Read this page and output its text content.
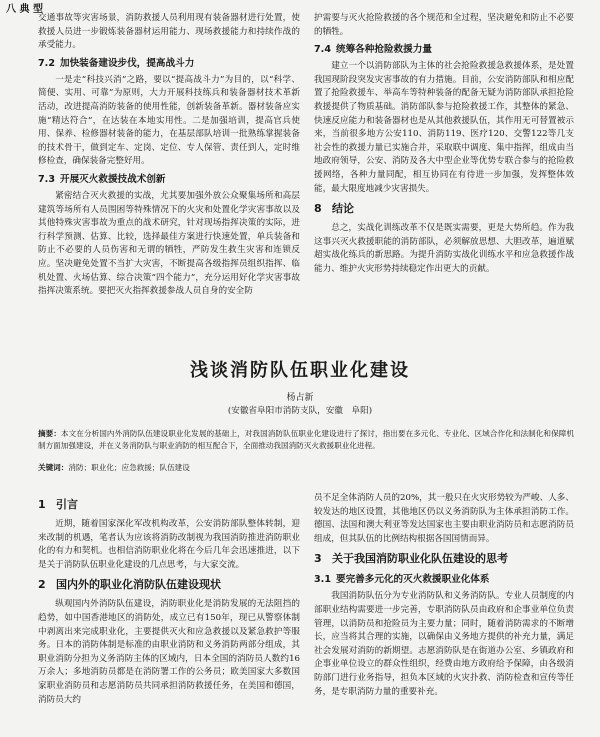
八 典 型

交通事故等灾害场景，消防救援人员利用现有装备器材进行处置，使救援人员进一步锻炼装备器材运用能力、现场救援能力和持续作战的承受能力。

7.2 加快装备建设步伐，提高战斗力

一是走“科技兴消”之路，要以“提高战斗力”为目的，以“科学、简便、实用、可靠”为原则，大力开展科技练兵和装备器材技术革新活动，改进提高消防装备的使用性能，创新装备革新。器材装备应实施“精达符合”，在达装在本地实用性。二是加强培训，提高官兵使用、保养、检修器材装备的能力，在基层部队培训一批熟练掌握装备的技术骨干，做到定车、定岗、定位、专人保管、责任到人，定时维修检查，确保装备完整好用。

7.3 开展灭火救援技战术创新

紧密结合灭火救援的实战，尤其要加强外放公众聚集场所和高层建筑等场所有人员围困等特殊情况下的火灾和处置化学灾害事故以及其他特殊灾害事故为重点的战术研究，针对现场指挥决策的实际，进行科学预测、估算、比较，选择最佳方案进行快速处置，单兵装备和防止不必要的人员伤害和无谓的牺牲，严防发生救生灾害和连锁反应。坚决避免处置不当扩大灾害，不断提高各级指挥员组织指挥、临机处置、火场估算、综合决策“四个能力”，充分运用好化学灾害事故指挥决策系统。要把灭火指挥救援参战人员自身的安全防

护需要与灭火抢险救援的各个规范和全过程，坚决避免和防止不必要的牺牲。

7.4 统筹各种抢险救援力量

建立一个以消防部队为主体的社会抢险救援急救援体系，是处置我国现阶段突发灾害事故的有力措施。目前，公安消防部队和相应配置了抢险救援车、举高车等特种装备的配备无疑为消防部队承担抢险救援提供了物质基础。消防部队参与抢险救援工作，其整体的紧急、快速反应能力和装备器材也是从其他救援队伍，其作用无可替置被示来，当前很多地方公安110、消防119、医疗120、交警122等几支社会性的救援力量已实施合并，采取联中调度、集中指挥，组成由当地政府领导，公安、消防及各大中型企业等优势专联合参与的抢险救援网络，各种力量同配，相互协同在有待进一步加强，发挥整体效能，最大限度地减少灾害损失。

8 结论

总之，实战化训练改革不仅是既实需要，更是大势所趋。作为我这事兴灭火救援职能的消防部队，必须解放思想、大胆改革，遍道赋超实战化练兵的新思路。为提升消防实战化训练水平和应急救援作战能力、维护火灾形势持续稳定作出更大的贡献。

浅谈消防队伍职业化建设
杨占新
(安徽省阜阳市消防支队，安徽　阜阳)
摘要：本文在分析国内外消防队伍建设职业化发展的基础上，对我国消防队伍职业化建设进行了探讨，指出要在多元化、专业化、区域合作化和法制化和保障机制方面加强建设，并在义务消防队与职业消防的相互配合下，全面推动我国消防灭火救援职业化进程。
关键词：消防；职业化；应急救援；队伍建设
1 引言

近期，随着国家深化军改机构改革，公安消防部队整体转制，迎来改制的机遇，笔者认为应该将消防改制视为我国消防推进消防职业化的有力和契机。也相信消防职业化将在今后几年会迅速推进，以下是关于消防队伍职业化建设的几点思考，与大家交流。

2 国内外的职业化消防队伍建设现状

纵观国内外消防队伍建设，消防职业化是消防发展的无法阻挡的趋势，如中国香港地区的消防处，成立已有150年，现已从警察体制中剥离出来完成职业化，主要提供灭火和应急救援以及紧急救护等服务。日本的消防体制是标准的由职业消防和义务消防两部分组成，其职业消防分担为义务消防主体的区域内，日本全国的消防员人数约16万余人；多地消防员都是在消防署工作的公务员；欧美国家大多数国家职业消防员和志愿消防员共同承担消防救援任务，在美国和德国，消防员大约

员不足全体消防人员的20%，其一般只在火灾形势较为严峻、人多、较发达的地区设置，其他地区仍以义务消防队为主体承担消防工作。德国、法国和澳大利亚等发达国家也主要由职业消防员和志愿消防员组成，但其队伍的比例结构根据各国国情而异。

3 关于我国消防职业化队伍建设的思考
3.1 要完善多元化的灭火救援职业化体系

我国消防队伍分为专业消防队和义务消防队。专业人员制度的内部职业结构需要进一步完善，专职消防队员由政府和企事业单位负责管理，以消防员和抢险员为主要力量；同时，随着消防需求的不断增长，应当将其合理的实施，以确保由义务地方提供的补充力量，满足社会发展对消防的新期望。志愿消防队是在街道办公室、乡镇政府和企事业单位设立的群众性组织，经费由地方政府给予保障，由各级消防部门进行业务指导，担负本区域的火灾扑救、消防检查和宣传等任务，是专职消防力量的重要补充。
